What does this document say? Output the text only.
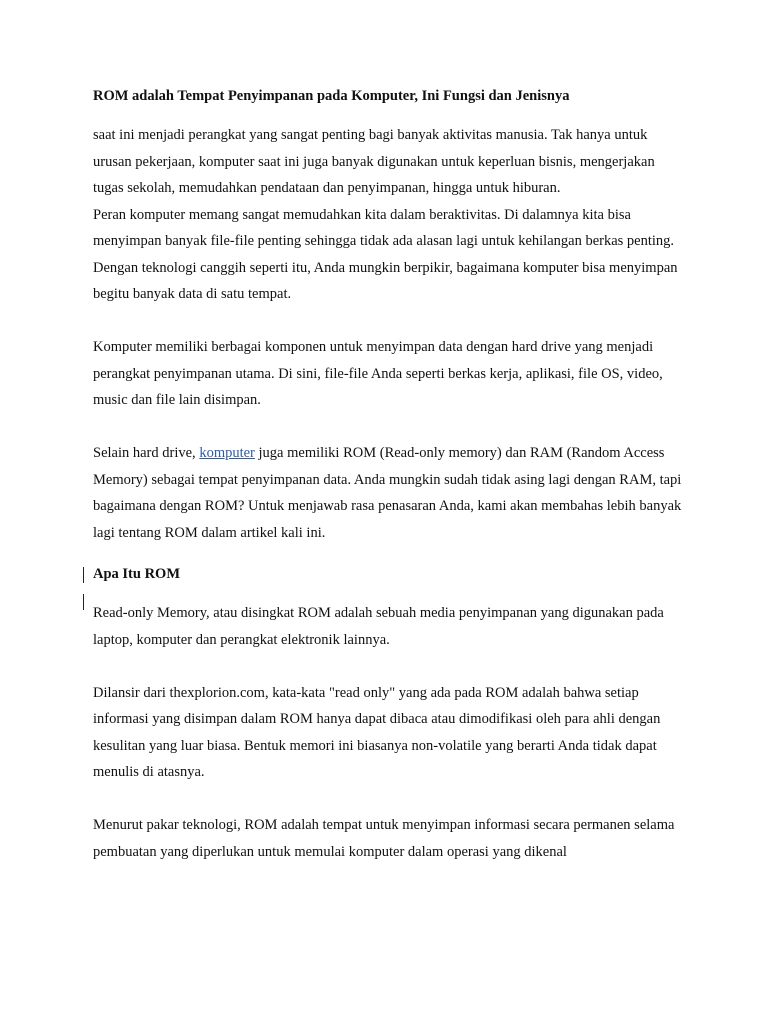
ROM adalah Tempat Penyimpanan pada Komputer, Ini Fungsi dan Jenisnya

saat ini menjadi perangkat yang sangat penting bagi banyak aktivitas manusia. Tak hanya untuk urusan pekerjaan, komputer saat ini juga banyak digunakan untuk keperluan bisnis, mengerjakan tugas sekolah, memudahkan pendataan dan penyimpanan, hingga untuk hiburan.

Peran komputer memang sangat memudahkan kita dalam beraktivitas. Di dalamnya kita bisa menyimpan banyak file-file penting sehingga tidak ada alasan lagi untuk kehilangan berkas penting. Dengan teknologi canggih seperti itu, Anda mungkin berpikir, bagaimana komputer bisa menyimpan begitu banyak data di satu tempat.

Komputer memiliki berbagai komponen untuk menyimpan data dengan hard drive yang menjadi perangkat penyimpanan utama. Di sini, file-file Anda seperti berkas kerja, aplikasi, file OS, video, music dan file lain disimpan.

Selain hard drive, komputer juga memiliki ROM (Read-only memory) dan RAM (Random Access Memory) sebagai tempat penyimpanan data. Anda mungkin sudah tidak asing lagi dengan RAM, tapi bagaimana dengan ROM? Untuk menjawab rasa penasaran Anda, kami akan membahas lebih banyak lagi tentang ROM dalam artikel kali ini.

Apa Itu ROM

Read-only Memory, atau disingkat ROM adalah sebuah media penyimpanan yang digunakan pada laptop, komputer dan perangkat elektronik lainnya.

Dilansir dari thexplorion.com, kata-kata "read only" yang ada pada ROM adalah bahwa setiap informasi yang disimpan dalam ROM hanya dapat dibaca atau dimodifikasi oleh para ahli dengan kesulitan yang luar biasa. Bentuk memori ini biasanya non-volatile yang berarti Anda tidak dapat menulis di atasnya.

Menurut pakar teknologi, ROM adalah tempat untuk menyimpan informasi secara permanen selama pembuatan yang diperlukan untuk memulai komputer dalam operasi yang dikenal
